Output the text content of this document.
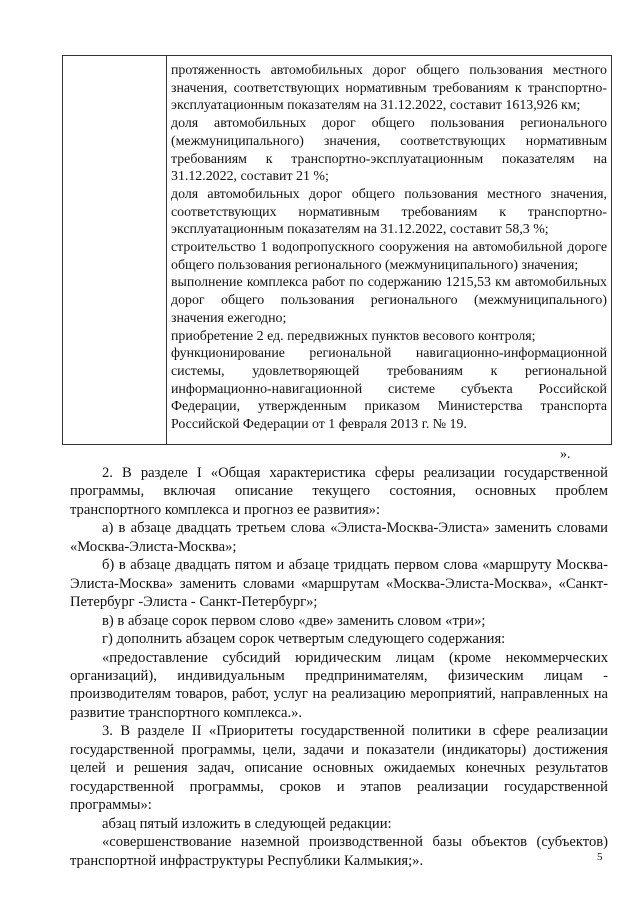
протяженность автомобильных дорог общего пользования местного значения, соответствующих нормативным требованиям к транспортно-эксплуатационным показателям на 31.12.2022, составит 1613,926 км;

доля автомобильных дорог общего пользования регионального (межмуниципального) значения, соответствующих нормативным требованиям к транспортно-эксплуатационным показателям на 31.12.2022, составит 21 %;

доля автомобильных дорог общего пользования местного значения, соответствующих нормативным требованиям к транспортно-эксплуатационным показателям на 31.12.2022, составит 58,3 %;

строительство 1 водопропускного сооружения на автомобильной дороге общего пользования регионального (межмуниципального) значения;

выполнение комплекса работ по содержанию 1215,53 км автомобильных дорог общего пользования регионального (межмуниципального) значения ежегодно;

приобретение 2 ед. передвижных пунктов весового контроля;

функционирование региональной навигационно-информационной системы, удовлетворяющей требованиям к региональной информационно-навигационной системе субъекта Российской Федерации, утвержденным приказом Министерства транспорта Российской Федерации от 1 февраля 2013 г. № 19.

».

2. В разделе I «Общая характеристика сферы реализации государственной программы, включая описание текущего состояния, основных проблем транспортного комплекса и прогноз ее развития»:

а) в абзаце двадцать третьем слова «Элиста-Москва-Элиста» заменить словами «Москва-Элиста-Москва»;

б) в абзаце двадцать пятом и абзаце тридцать первом слова «маршруту Москва-Элиста-Москва» заменить словами «маршрутам «Москва-Элиста-Москва», «Санкт-Петербург -Элиста - Санкт-Петербург»;

в) в абзаце сорок первом слово «две» заменить словом «три»;

г) дополнить абзацем сорок четвертым следующего содержания:

«предоставление субсидий юридическим лицам (кроме некоммерческих организаций), индивидуальным предпринимателям, физическим лицам - производителям товаров, работ, услуг на реализацию мероприятий, направленных на развитие транспортного комплекса.».

3. В разделе II «Приоритеты государственной политики в сфере реализации государственной программы, цели, задачи и показатели (индикаторы) достижения целей и решения задач, описание основных ожидаемых конечных результатов государственной программы, сроков и этапов реализации государственной программы»:

абзац пятый изложить в следующей редакции:

«совершенствование наземной производственной базы объектов (субъектов) транспортной инфраструктуры Республики Калмыкия;».	5
